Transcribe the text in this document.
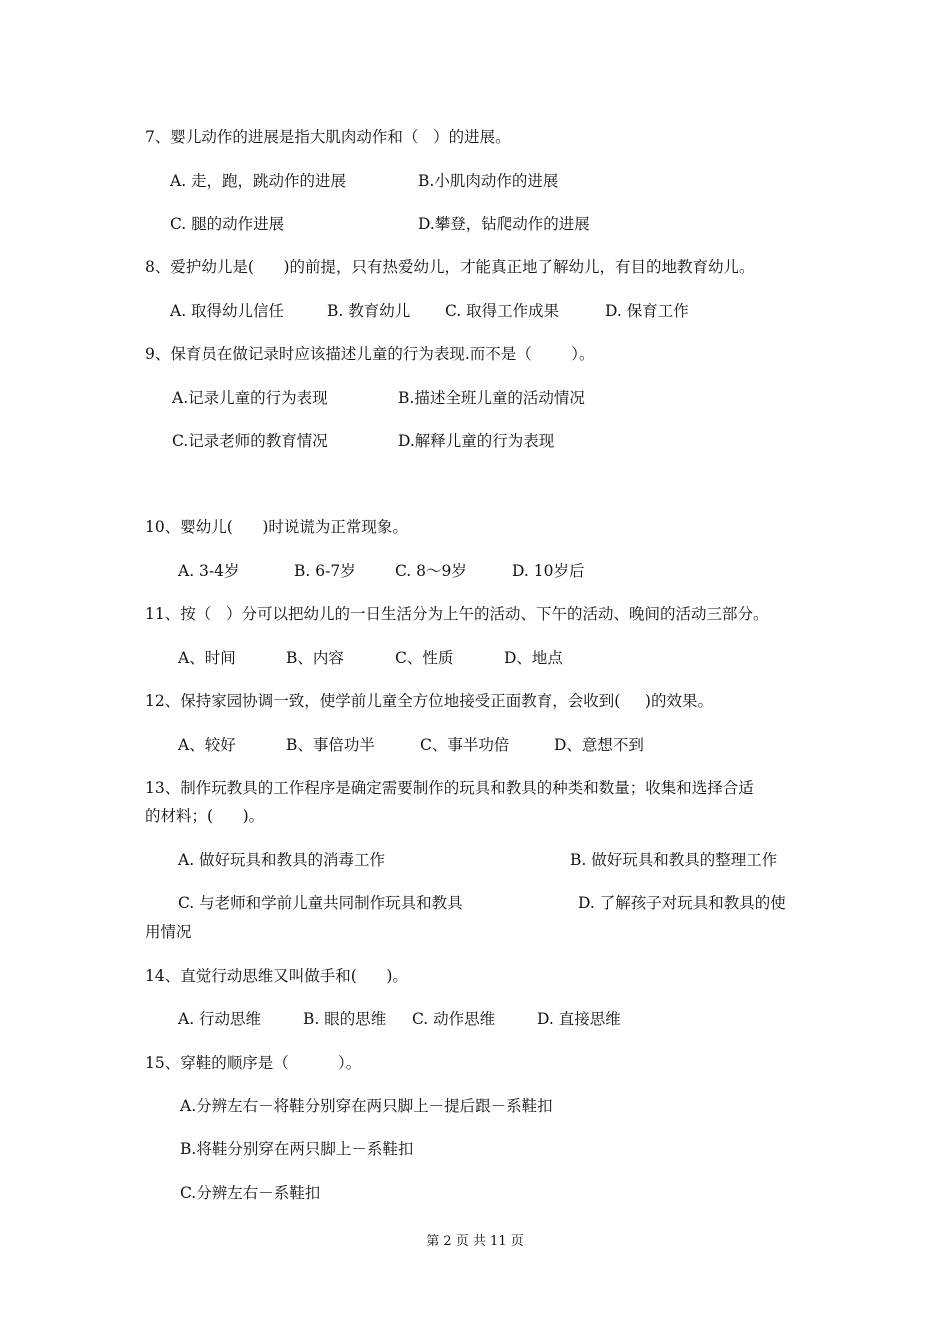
7、婴儿动作的进展是指大肌肉动作和（   ）的进展。
A. 走，跑，跳动作的进展	B.小肌肉动作的进展
C. 腿的动作进展	D.攀登，钻爬动作的进展
8、爱护幼儿是(      )的前提，只有热爱幼儿，才能真正地了解幼儿，有目的地教育幼儿。
A. 取得幼儿信任	B. 教育幼儿 C. 取得工作成果	D. 保育工作
9、保育员在做记录时应该描述儿童的行为表现.而不是（        ）。
A.记录儿童的行为表现	B.描述全班儿童的活动情况
C.记录老师的教育情况	D.解释儿童的行为表现
10、婴幼儿(      )时说谎为正常现象。
A. 3-4岁	B. 6-7岁	C. 8～9岁	D. 10岁后
11、按（   ）分可以把幼儿的一日生活分为上午的活动、下午的活动、晚间的活动三部分。
A、时间	B、内容	C、性质	D、地点
12、保持家园协调一致，使学前儿童全方位地接受正面教育，会收到(     )的效果。
A、较好	B、事倍功半	C、事半功倍	D、意想不到
13、制作玩教具的工作程序是确定需要制作的玩具和教具的种类和数量；收集和选择合适
的材料；(      )。
A. 做好玩具和教具的消毒工作	B. 做好玩具和教具的整理工作
C. 与老师和学前儿童共同制作玩具和教具	D. 了解孩子对玩具和教具的使
用情况
14、直觉行动思维又叫做手和(      )。
A. 行动思维	B. 眼的思维 C. 动作思维	D. 直接思维
15、穿鞋的顺序是（          ）。
A.分辨左右－将鞋分别穿在两只脚上－提后跟－系鞋扣
B.将鞋分别穿在两只脚上－系鞋扣
C.分辨左右－系鞋扣
第 2 页 共 11 页
